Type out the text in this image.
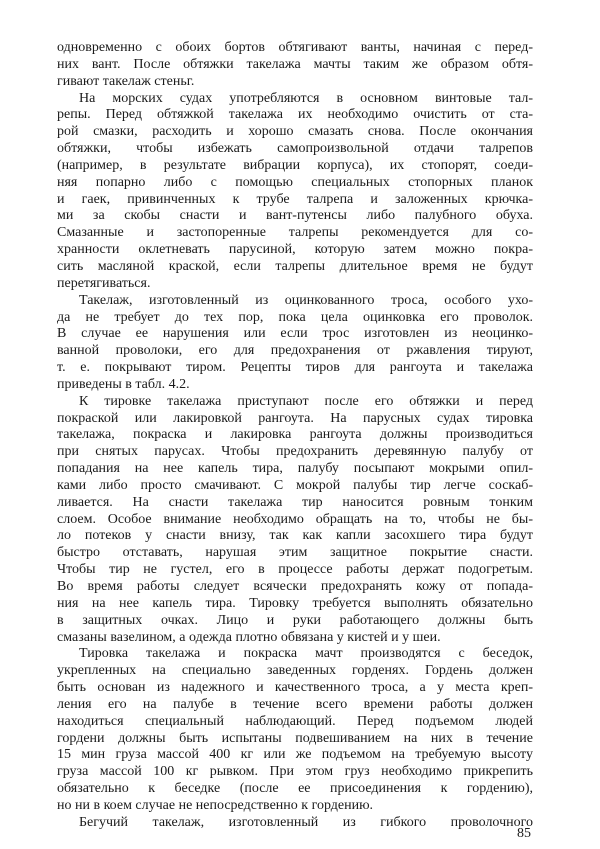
одновременно с обоих бортов обтягивают ванты, начиная с перед-
них вант. После обтяжки такелажа мачты таким же образом обтя-
гивают такелаж стеньг.
На морских судах употребляются в основном винтовые тал-
репы. Перед обтяжкой такелажа их необходимо очистить от ста-
рой смазки, расходить и хорошо смазать снова. После окончания
обтяжки, чтобы избежать самопроизвольной отдачи талрепов
(например, в результате вибрации корпуса), их стопорят, соеди-
няя попарно либо с помощью специальных стопорных планок
и гаек, привинченных к трубе талрепа и заложенных крючка-
ми за скобы снасти и вант-путенсы либо палубного обуха.
Смазанные и застопоренные талрепы рекомендуется для со-
хранности оклетневать парусиной, которую затем можно покра-
сить масляной краской, если талрепы длительное время не будут
перетягиваться.
Такелаж, изготовленный из оцинкованного троса, особого ухо-
да не требует до тех пор, пока цела оцинковка его проволок.
В случае ее нарушения или если трос изготовлен из неоцинко-
ванной проволоки, его для предохранения от ржавления тируют,
т. е. покрывают тиром. Рецепты тиров для рангоута и такелажа
приведены в табл. 4.2.
К тировке такелажа приступают после его обтяжки и перед
покраской или лакировкой рангоута. На парусных судах тировка
такелажа, покраска и лакировка рангоута должны производиться
при снятых парусах. Чтобы предохранить деревянную палубу от
попадания на нее капель тира, палубу посыпают мокрыми опил-
ками либо просто смачивают. С мокрой палубы тир легче соскаб-
ливается. На снасти такелажа тир наносится ровным тонким
слоем. Особое внимание необходимо обращать на то, чтобы не бы-
ло потеков у снасти внизу, так как капли засохшего тира будут
быстро отставать, нарушая этим защитное покрытие снасти.
Чтобы тир не густел, его в процессе работы держат подогретым.
Во время работы следует всячески предохранять кожу от попада-
ния на нее капель тира. Тировку требуется выполнять обязательно
в защитных очках. Лицо и руки работающего должны быть
смазаны вазелином, а одежда плотно обвязана у кистей и у шеи.
Тировка такелажа и покраска мачт производятся с беседок,
укрепленных на специально заведенных горденях. Гордень должен
быть основан из надежного и качественного троса, а у места креп-
ления его на палубе в течение всего времени работы должен
находиться специальный наблюдающий. Перед подъемом людей
гордени должны быть испытаны подвешиванием на них в течение
15 мин груза массой 400 кг или же подъемом на требуемую высоту
груза массой 100 кг рывком. При этом груз необходимо прикрепить
обязательно к беседке (после ее присоединения к гордению),
но ни в коем случае не непосредственно к гордению.
Бегучий такелаж, изготовленный из гибкого проволочного
85
